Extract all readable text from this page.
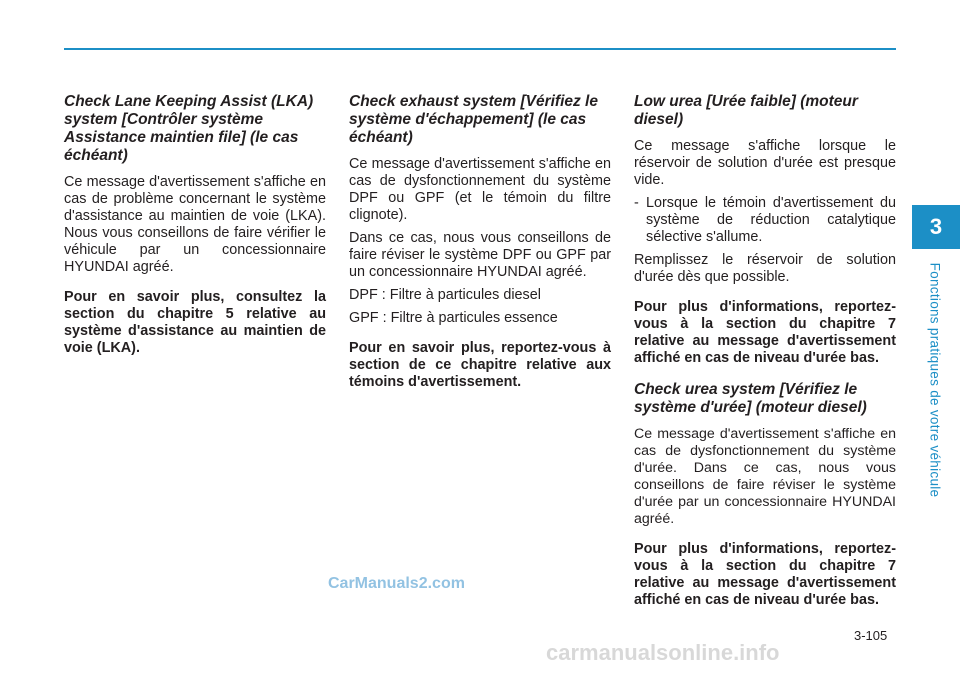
Check Lane Keeping Assist (LKA) system [Contrôler système Assistance maintien file] (le cas échéant)

Ce message d'avertissement s'affiche en cas de problème concernant le système d'assistance au maintien de voie (LKA). Nous vous conseillons de faire vérifier le véhicule par un concessionnaire HYUNDAI agréé.

Pour en savoir plus, consultez la section du chapitre 5 relative au système d'assistance au maintien de voie (LKA).

Check exhaust system [Vérifiez le système d'échappement] (le cas échéant)

Ce message d'avertissement s'affiche en cas de dysfonctionnement du système DPF ou GPF (et le témoin du filtre clignote).

Dans ce cas, nous vous conseillons de faire réviser le système DPF ou GPF par un concessionnaire HYUNDAI agréé.

DPF : Filtre à particules diesel

GPF : Filtre à particules essence

Pour en savoir plus, reportez-vous à section de ce chapitre relative aux témoins d'avertissement.

Low urea [Urée faible] (moteur diesel)

Ce message s'affiche lorsque le réservoir de solution d'urée est presque vide.

- Lorsque le témoin d'avertissement du système de réduction catalytique sélective s'allume.

Remplissez le réservoir de solution d'urée dès que possible.

Pour plus d'informations, reportez-vous à la section du chapitre 7 relative au message d'avertissement affiché en cas de niveau d'urée bas.

Check urea system [Vérifiez le système d'urée] (moteur diesel)

Ce message d'avertissement s'affiche en cas de dysfonctionnement du système d'urée. Dans ce cas, nous vous conseillons de faire réviser le système d'urée par un concessionnaire HYUNDAI agréé.

Pour plus d'informations, reportez-vous à la section du chapitre 7 relative au message d'avertissement affiché en cas de niveau d'urée bas.

3
Fonctions pratiques de votre véhicule
3-105
CarManuals2.com
carmanualsonline.info
